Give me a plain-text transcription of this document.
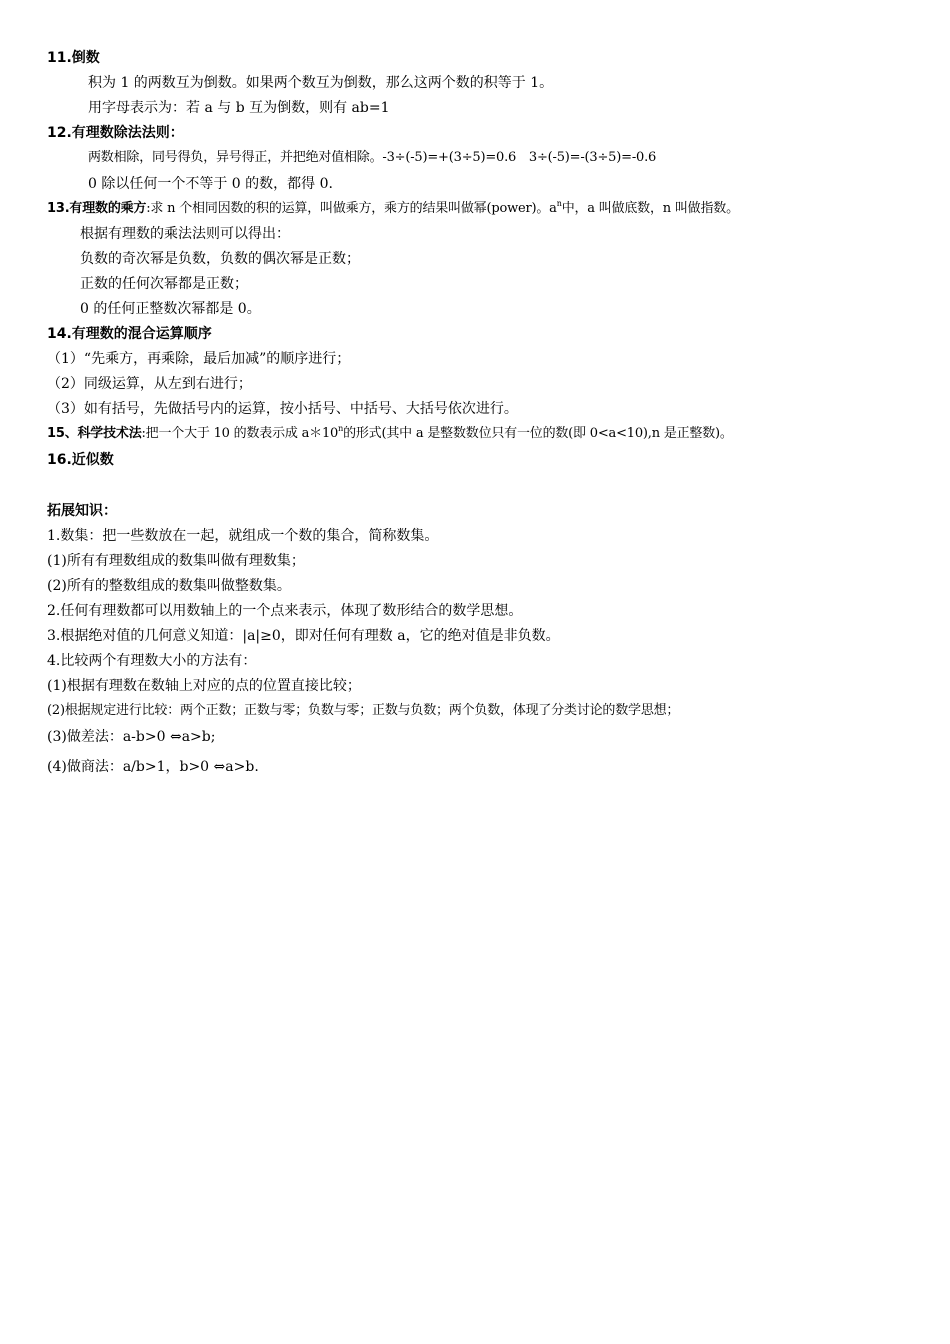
11.倒数
积为 1 的两数互为倒数。如果两个数互为倒数，那么这两个数的积等于 1。
用字母表示为：若 a 与 b 互为倒数，则有 ab=1
12.有理数除法法则：
两数相除，同号得负，异号得正，并把绝对值相除。-3÷(-5)=+(3÷5)=0.6　3÷(-5)=-(3÷5)=-0.6
0 除以任何一个不等于 0 的数，都得 0.
13.有理数的乘方:求 n 个相同因数的积的运算，叫做乘方，乘方的结果叫做幂(power)。$a^n$中，a 叫做底数，n 叫做指数。
根据有理数的乘法法则可以得出：
负数的奇次幂是负数，负数的偶次幂是正数；
正数的任何次幂都是正数；
0 的任何正整数次幂都是 0。
14.有理数的混合运算顺序
（1）“先乘方，再乘除，最后加减”的顺序进行；
（2）同级运算，从左到右进行；
（3）如有括号，先做括号内的运算，按小括号、中括号、大括号依次进行。
15、科学技术法:把一个大于 10 的数表示成 a＊10$^n$的形式(其中 a 是整数数位只有一位的数(即 0<a<10),n 是正整数)。
16.近似数
拓展知识：
1.数集：把一些数放在一起，就组成一个数的集合，简称数集。
(1)所有有理数组成的数集叫做有理数集；
(2)所有的整数组成的数集叫做整数集。
2.任何有理数都可以用数轴上的一个点来表示，体现了数形结合的数学思想。
3.根据绝对值的几何意义知道：|a|≥0，即对任何有理数 a，它的绝对值是非负数。
4.比较两个有理数大小的方法有：
(1)根据有理数在数轴上对应的点的位置直接比较；
(2)根据规定进行比较：两个正数；正数与零；负数与零；正数与负数；两个负数，体现了分类讨论的数学思想；
(3)做差法：a-b>0 ⇔a>b;
(4)做商法：a/b>1，b>0 ⇔a>b.
